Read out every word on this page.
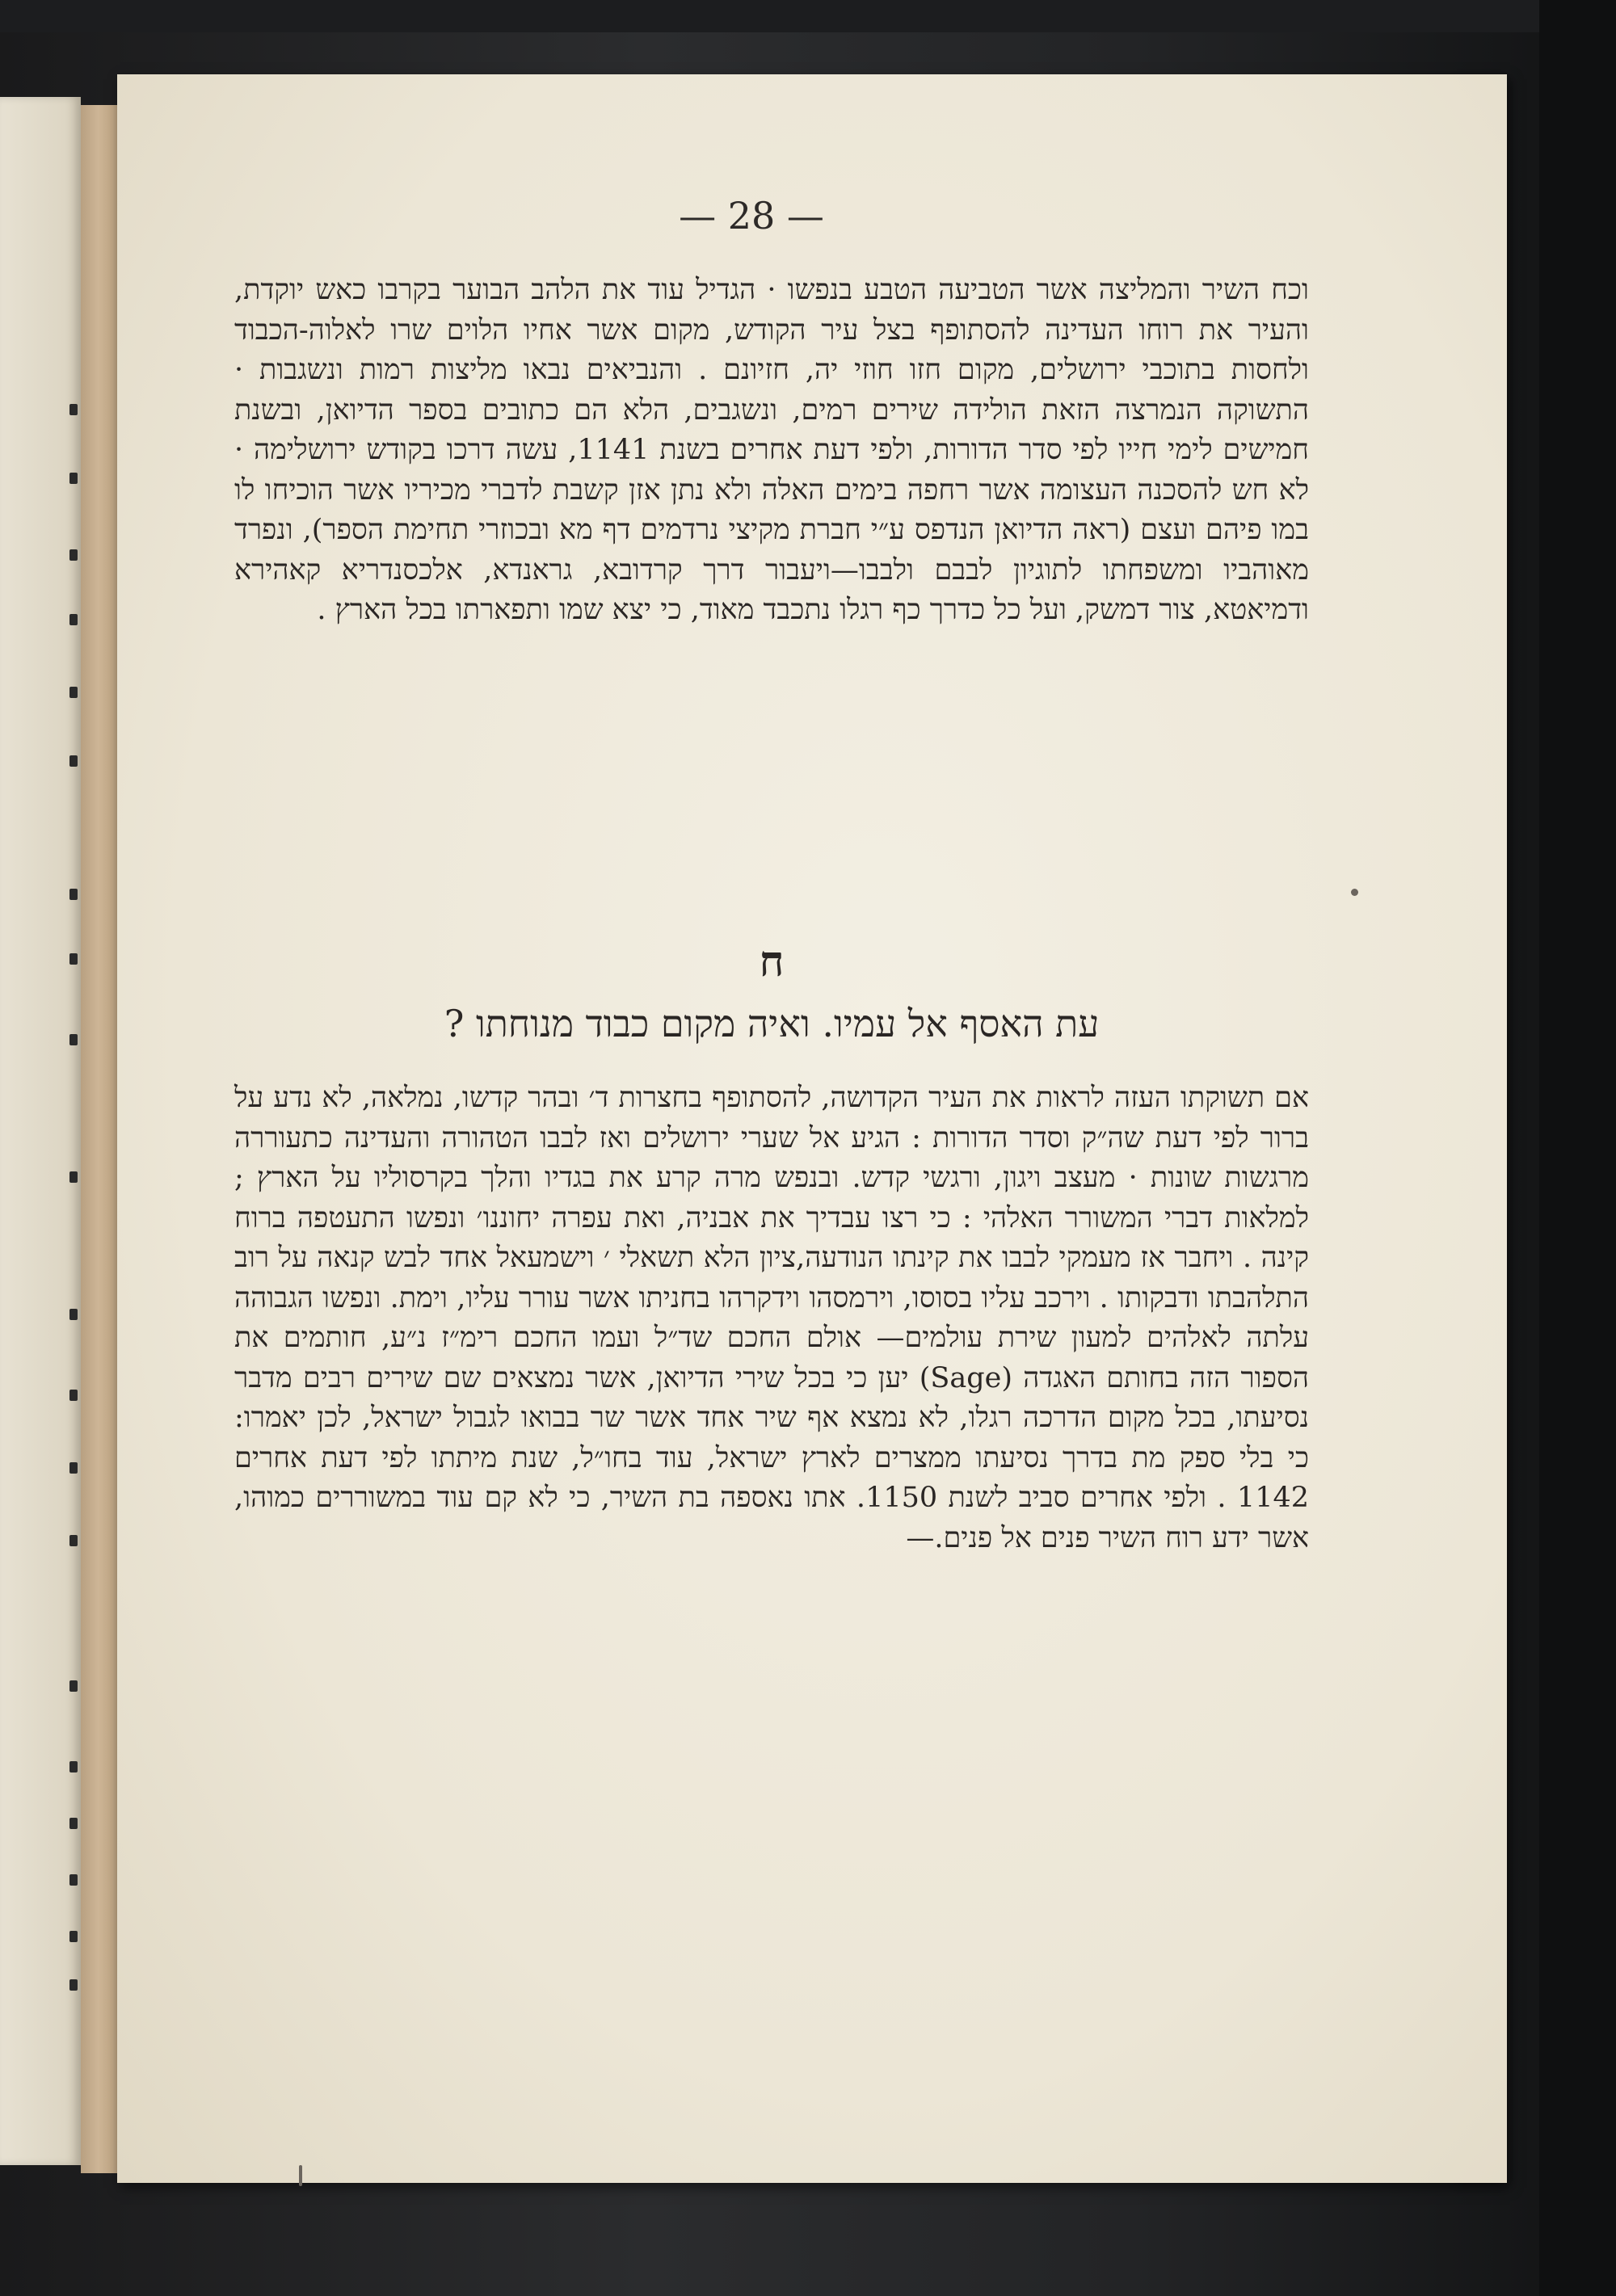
— 28 —

וכח השיר והמליצה אשר הטביעה הטבע בנפשו · הגדיל עוד את הלהב הבוער בקרבו כאש יוקדת, והעיר את רוחו העדינה להסתופף בצל עיר הקודש, מקום אשר אחיו הלוים שרו לאלוה-הכבוד ולחסות בתוכבי ירושלים, מקום חזו חוזי יה, חזיונם . והנביאים נבאו מליצות רמות ונשגבות · התשוקה הנמרצה הזאת הולידה שירים רמים, ונשגבים, הלא הם כתובים בספר הדיואן, ובשנת חמישים לימי חייו לפי סדר הדורות, ולפי דעת אחרים בשנת 1141, עשה דרכו בקודש ירושלימה · לא חש להסכנה העצומה אשר רחפה בימים האלה ולא נתן אזן קשבת לדברי מכיריו אשר הוכיחו לו במו פיהם ועצם (ראה הדיואן הנדפס ע״י חברת מקיצי נרדמים דף מא ובכוזרי תחימת הספר), ונפרד מאוהביו ומשפחתו לתוגיון לבבם ולבבו—ויעבור דרך קרדובא, גראנדא, אלכסנדריא קאהירא ודמיאטא, צור דמשק, ועל כל כדרך כף רגלו נתכבד מאוד, כי יצא שמו ותפארתו בכל הארץ .

ח
עת האסף אל עמיו. ואיה מקום כבוד מנוחתו ?

אם תשוקתו העזה לראות את העיר הקדושה, להסתופף בחצרות ד׳ ובהר קדשו, נמלאה, לא נדע על ברור לפי דעת שה״ק וסדר הדורות : הגיע אל שערי ירושלים ואז לבבו הטהורה והעדינה כתעוררה מרגשות שונות · מעצב ויגון, ורגשי קדש. ובנפש מרה קרע את בגדיו והלך בקרסוליו על הארץ ; למלאות דברי המשורר האלהי : כי רצו עבדיך את אבניה, ואת עפרה יחוננו׳ ונפשו התעטפה ברוח קינה . ויחבר אז מעמקי לבבו את קינתו הנודעה,ציון הלא תשאלי ׳ וישמעאל אחד לבש קנאה על רוב התלהבתו ודבקותו . וירכב עליו בסוסו, וירמסהו וידקרהו בחניתו אשר עורר עליו, וימת. ונפשו הגבוהה עלתה לאלהים למעון שירת עולמים— אולם החכם שד״ל ועמו החכם רימ״ז נ״ע, חותמים את הספור הזה בחותם האגדה (Sage) יען כי בכל שירי הדיואן, אשר נמצאים שם שירים רבים מדבר נסיעתו, בכל מקום הדרכה רגלו, לא נמצא אף שיר אחד אשר שר בבואו לגבול ישראל, לכן יאמרו: כי בלי ספק מת בדרך נסיעתו ממצרים לארץ ישראל, עוד בחו״ל, שנת מיתתו לפי דעת אחרים 1142 . ולפי אחרים סביב לשנת 1150. אתו נאספה בת השיר, כי לא קם עוד במשוררים כמוהו, אשר ידע רוח השיר פנים אל פנים.—
